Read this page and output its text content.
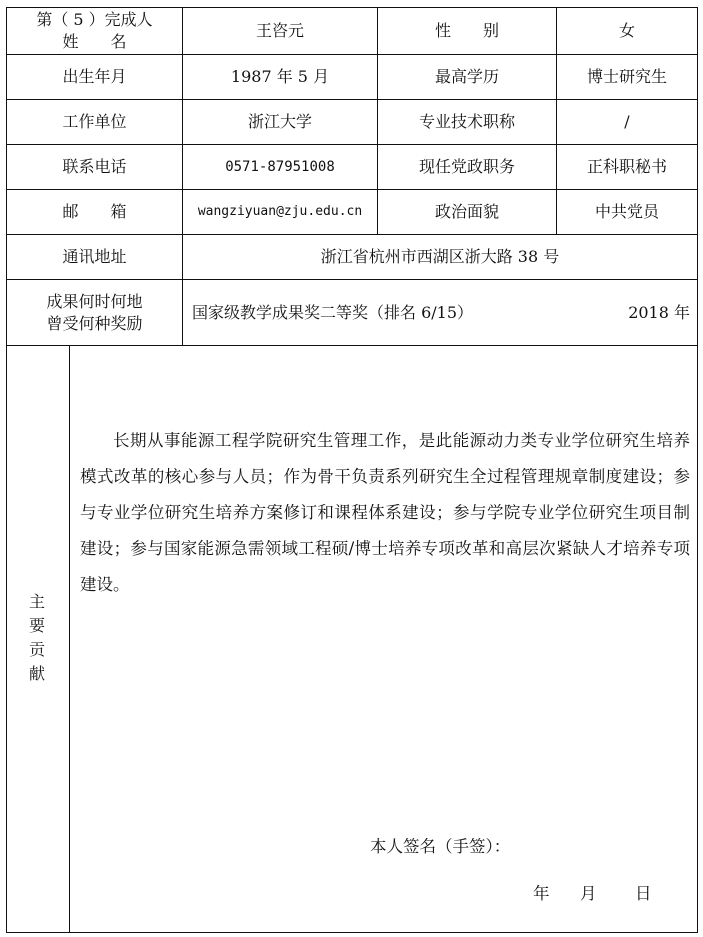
第（ 5 ）完成人
姓　　名
王咨元	性　　别	女
出生年月	1987 年 5 月	最高学历	博士研究生
工作单位	浙江大学	专业技术职称	/
联系电话	0571-87951008	现任党政职务	正科职秘书
邮　　箱	wangziyuan@zju.edu.cn	政治面貌	中共党员
通讯地址	浙江省杭州市西湖区浙大路 38 号
成果何时何地
曾受何种奖励
国家级教学成果奖二等奖（排名 6/15）	2018 年
主
要
贡
献
长期从事能源工程学院研究生管理工作，是此能源动力类专业学位研究生培养模式改革的核心参与人员；作为骨干负责系列研究生全过程管理规章制度建设；参与专业学位研究生培养方案修订和课程体系建设；参与学院专业学位研究生项目制建设；参与国家能源急需领域工程硕/博士培养专项改革和高层次紧缺人才培养专项建设。
本人签名（手签）：
年 月 日
